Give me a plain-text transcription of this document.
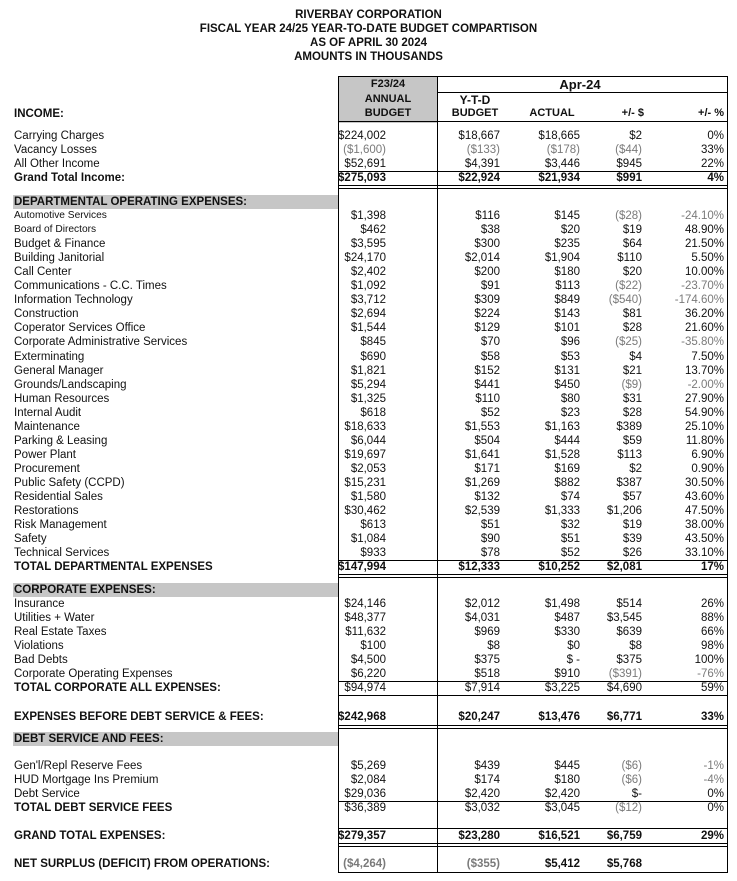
RIVERBAY CORPORATION
FISCAL YEAR 24/25 YEAR-TO-DATE BUDGET COMPARTISON
AS OF APRIL 30 2024
AMOUNTS IN THOUSANDS
F23/24
ANNUAL
BUDGET
Apr-24
Y-T-D
BUDGET	ACTUAL	+/- $	+/- %
INCOME:
Carrying Charges	$224,002	$18,667	$18,665	$2	0%
Vacancy Losses	($1,600)	($133)	($178)	($44)	33%
All Other Income	$52,691	$4,391	$3,446	$945	22%
Grand Total Income:	$275,093	$22,924	$21,934	$991	4%
DEPARTMENTAL OPERATING EXPENSES:
Automotive Services	$1,398	$116	$145	($28)	-24.10%
Board of Directors	$462	$38	$20	$19	48.90%
Budget & Finance	$3,595	$300	$235	$64	21.50%
Building Janitorial	$24,170	$2,014	$1,904	$110	5.50%
Call Center	$2,402	$200	$180	$20	10.00%
Communications - C.C. Times	$1,092	$91	$113	($22)	-23.70%
Information Technology	$3,712	$309	$849	($540)	-174.60%
Construction	$2,694	$224	$143	$81	36.20%
Coperator Services Office	$1,544	$129	$101	$28	21.60%
Corporate Administrative Services	$845	$70	$96	($25)	-35.80%
Exterminating	$690	$58	$53	$4	7.50%
General Manager	$1,821	$152	$131	$21	13.70%
Grounds/Landscaping	$5,294	$441	$450	($9)	-2.00%
Human Resources	$1,325	$110	$80	$31	27.90%
Internal Audit	$618	$52	$23	$28	54.90%
Maintenance	$18,633	$1,553	$1,163	$389	25.10%
Parking & Leasing	$6,044	$504	$444	$59	11.80%
Power Plant	$19,697	$1,641	$1,528	$113	6.90%
Procurement	$2,053	$171	$169	$2	0.90%
Public Safety (CCPD)	$15,231	$1,269	$882	$387	30.50%
Residential Sales	$1,580	$132	$74	$57	43.60%
Restorations	$30,462	$2,539	$1,333 $1,206	47.50%
Risk Management	$613	$51	$32	$19	38.00%
Safety	$1,084	$90	$51	$39	43.50%
Technical Services	$933	$78	$52	$26	33.10%
TOTAL DEPARTMENTAL EXPENSES	$147,994	$12,333	$10,252 $2,081	17%
CORPORATE EXPENSES:
Insurance	$24,146	$2,012	$1,498	$514	26%
Utilities + Water	$48,377	$4,031	$487 $3,545	88%
Real Estate Taxes	$11,632	$969	$330	$639	66%
Violations	$100	$8	$0	$8	98%
Bad Debts	$4,500	$375	$ -	$375	100%
Corporate Operating Expenses	$6,220	$518	$910	($391)	-76%
TOTAL CORPORATE ALL EXPENSES:	$94,974	$7,914	$3,225 $4,690	59%
EXPENSES BEFORE DEBT SERVICE & FEES:	$242,968	$20,247	$13,476 $6,771	33%
DEBT SERVICE AND FEES:
Gen'l/Repl Reserve Fees	$5,269	$439	$445	($6)	-1%
HUD Mortgage Ins Premium	$2,084	$174	$180	($6)	-4%
Debt Service	$29,036	$2,420	$2,420	$-	0%
TOTAL DEBT SERVICE FEES	$36,389	$3,032	$3,045	($12)	0%
GRAND TOTAL EXPENSES:	$279,357	$23,280	$16,521 $6,759	29%
NET SURPLUS (DEFICIT) FROM OPERATIONS:	($4,264)	($355)	$5,412 $5,768
